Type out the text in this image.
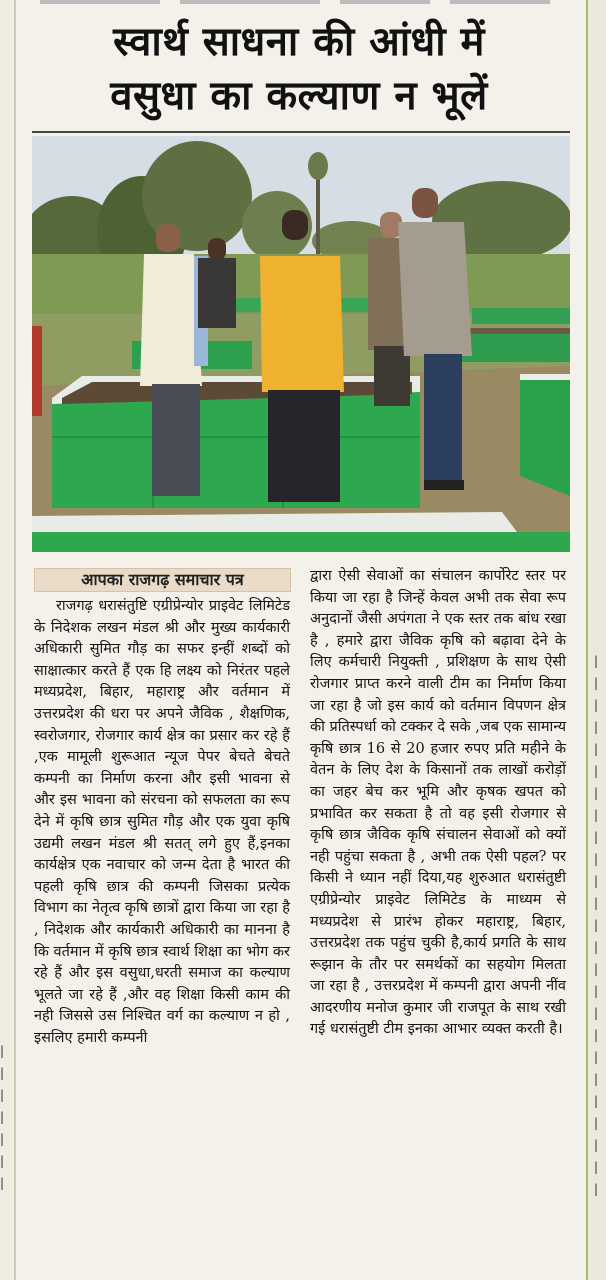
स्वार्थ साधना की आंधी में
वसुधा का कल्याण न भूलें
आपका राजगढ़ समाचार पत्र
राजगढ़ धरासंतुष्टि एग्रीप्रेन्योर प्राइवेट लिमिटेड के निदेशक लखन मंडल श्री और मुख्य कार्यकारी अधिकारी सुमित गौड़ का सफर इन्हीं शब्दों को साक्षात्कार करते हैं एक हि लक्ष्य को निरंतर पहले मध्यप्रदेश, बिहार, महाराष्ट्र और वर्तमान में उत्तरप्रदेश की धरा पर अपने जैविक , शैक्षणिक, स्वरोजगार, रोजगार कार्य क्षेत्र का प्रसार कर रहे हैं ,एक मामूली शुरूआत न्यूज पेपर बेचते बेचते कम्पनी का निर्माण करना और इसी भावना से और इस भावना को संरचना को सफलता का रूप देने में कृषि छात्र सुमित गौड़ और एक युवा कृषि उद्यमी लखन मंडल श्री सतत् लगे हुए हैं,इनका कार्यक्षेत्र एक नवाचार को जन्म देता है भारत की पहली कृषि छात्र की कम्पनी जिसका प्रत्येक विभाग का नेतृत्व कृषि छात्रों द्वारा किया जा रहा है , निदेशक और कार्यकारी अधिकारी का मानना है कि वर्तमान में कृषि छात्र स्वार्थ शिक्षा का भोग कर रहे हैं और इस वसुधा,धरती समाज का कल्याण भूलते जा रहे हैं ,और वह शिक्षा किसी काम की नही जिससे उस निश्चित वर्ग का कल्याण न हो , इसलिए हमारी कम्पनी
द्वारा ऐसी सेवाओं का संचालन कार्पोरेट स्तर पर किया जा रहा है जिन्हें केवल अभी तक सेवा रूप अनुदानों जैसी अपंगता ने एक स्तर तक बांध रखा है , हमारे द्वारा जैविक कृषि को बढ़ावा देने के लिए कर्मचारी नियुक्ती , प्रशिक्षण के साथ ऐसी रोजगार प्राप्त करने वाली टीम का निर्माण किया जा रहा है जो इस कार्य को वर्तमान विपणन क्षेत्र की प्रतिस्पर्धा को टक्कर दे सके ,जब एक सामान्य कृषि छात्र 16 से 20 हजार रुपए प्रति महीने के वेतन के लिए देश के किसानों तक लाखों करोड़ों का जहर बेच कर भूमि और कृषक खपत को प्रभावित कर सकता है तो वह इसी रोजगार से कृषि छात्र जैविक कृषि संचालन सेवाओं को क्यों नही पहुंचा सकता है , अभी तक ऐसी पहल? पर किसी ने ध्यान नहीं दिया,यह शुरुआत धरासंतुष्टी एग्रीप्रेन्योर प्राइवेट लिमिटेड के माध्यम से मध्यप्रदेश से प्रारंभ होकर महाराष्ट्र, बिहार, उत्तरप्रदेश तक पहुंच चुकी है,कार्य प्रगति के साथ रूझान के तौर पर समर्थकों का सहयोग मिलता जा रहा है , उत्तरप्रदेश में कम्पनी द्वारा अपनी नींव आदरणीय मनोज कुमार जी राजपूत के साथ रखी गई धरासंतुष्टी टीम इनका आभार व्यक्त करती है।
|
|
|
|
|
|
|
|
|
|
|
|
|
|
|
|
|
|
|
|
|
|
|
|
|
|
|
|
|
|
|
|
